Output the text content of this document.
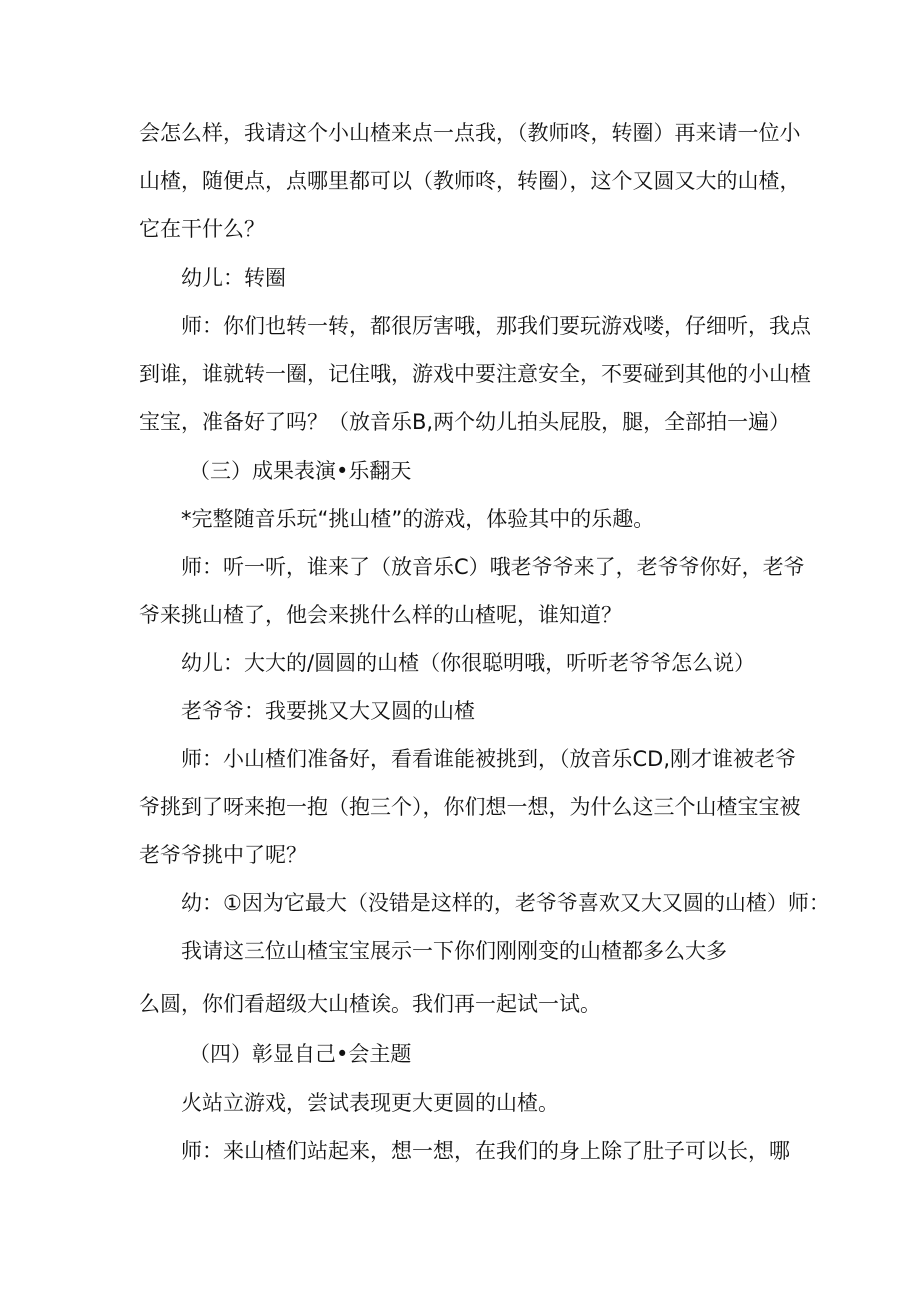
会怎么样，我请这个小山楂来点一点我，（教师咚，转圈）再来请一位小
山楂，随便点，点哪里都可以（教师咚，转圈），这个又圆又大的山楂，
它在干什么？
幼儿：转圈
师：你们也转一转，都很厉害哦，那我们要玩游戏喽，仔细听，我点
到谁，谁就转一圈，记住哦，游戏中要注意安全，不要碰到其他的小山楂
宝宝，准备好了吗？（放音乐B,两个幼儿拍头屁股，腿，全部拍一遍）
（三）成果表演•乐翻天
*完整随音乐玩“挑山楂”的游戏，体验其中的乐趣。
师：听一听，谁来了（放音乐C）哦老爷爷来了，老爷爷你好，老爷
爷来挑山楂了，他会来挑什么样的山楂呢，谁知道？
幼儿：大大的/圆圆的山楂（你很聪明哦，听听老爷爷怎么说）
老爷爷：我要挑又大又圆的山楂
师：小山楂们准备好，看看谁能被挑到，（放音乐CD,刚才谁被老爷
爷挑到了呀来抱一抱（抱三个），你们想一想，为什么这三个山楂宝宝被
老爷爷挑中了呢？
幼：①因为它最大（没错是这样的，老爷爷喜欢又大又圆的山楂）师：
我请这三位山楂宝宝展示一下你们刚刚变的山楂都多么大多
么圆，你们看超级大山楂诶。我们再一起试一试。
（四）彰显自己•会主题
火站立游戏，尝试表现更大更圆的山楂。
师：来山楂们站起来，想一想，在我们的身上除了肚子可以长，哪
